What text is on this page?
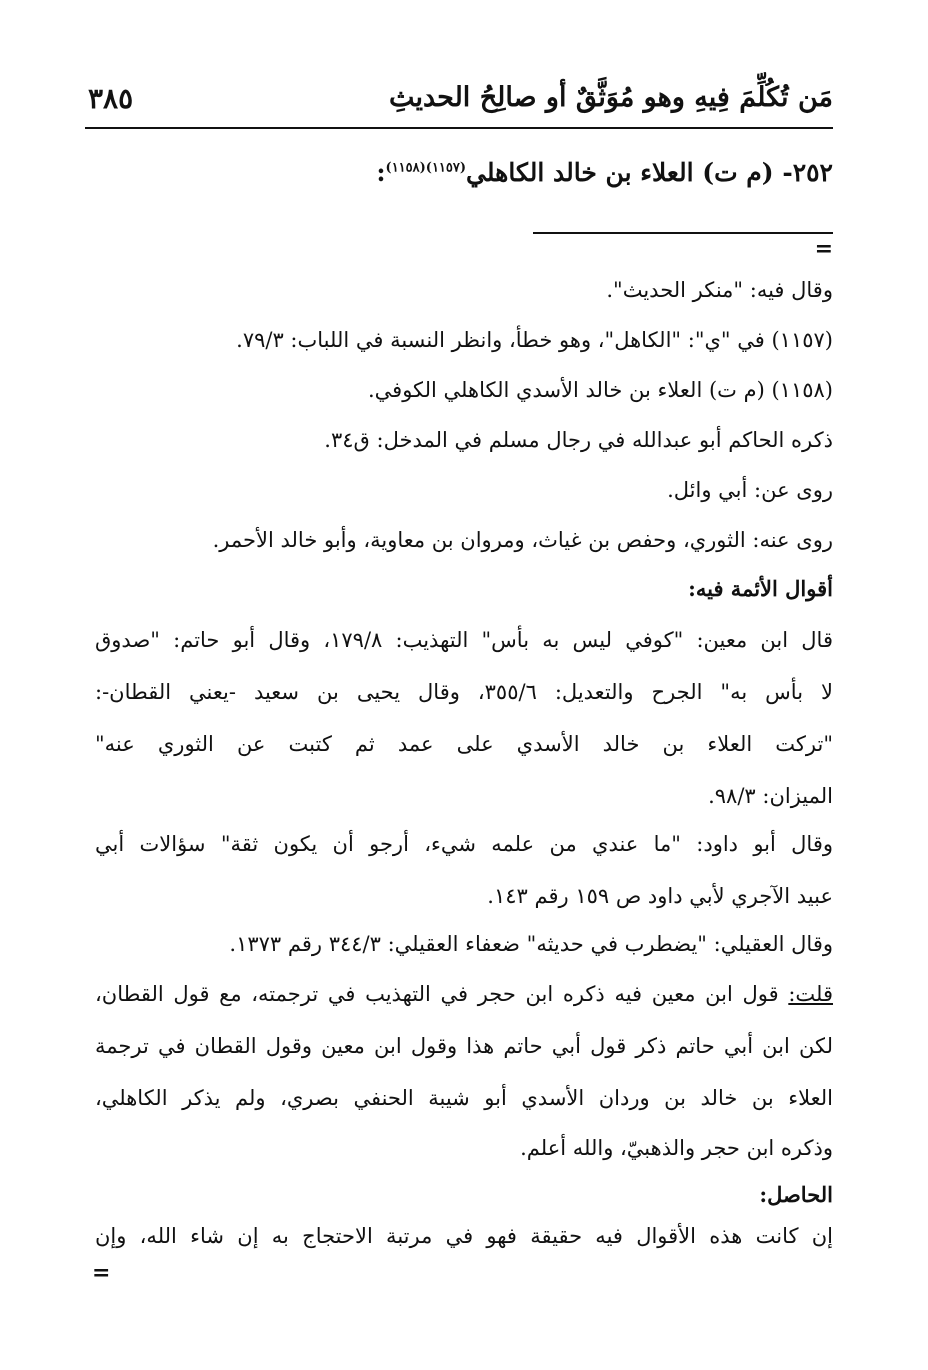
مَن تُكُلِّمَ فِيهِ وهو مُوَثَّقٌ أو صالِحُ الحديثِ
٣٨٥
٢٥٢- (م ت) العلاء بن خالد الكاهلي$^{(١١٥٧)(١١٥٨)}$:
=
وقال فيه: "منكر الحديث".
(١١٥٧) في "ي": "الكاهل"، وهو خطأ، وانظر النسبة في اللباب: ٧٩/٣.
(١١٥٨) (م ت) العلاء بن خالد الأسدي الكاهلي الكوفي.
ذكره الحاكم أبو عبدالله في رجال مسلم في المدخل: ق٣٤.
روى عن: أبي وائل.
روى عنه: الثوري، وحفص بن غياث، ومروان بن معاوية، وأبو خالد الأحمر.
أقوال الأئمة فيه:
قال ابن معين: "كوفي ليس به بأس" التهذيب: ١٧٩/٨، وقال أبو حاتم: "صدوق
لا بأس به" الجرح والتعديل: ٣٥٥/٦، وقال يحيى بن سعيد -يعني القطان-:
"تركت العلاء بن خالد الأسدي على عمد ثم كتبت عن الثوري عنه"
الميزان: ٩٨/٣.
وقال أبو داود: "ما عندي من علمه شيء، أرجو أن يكون ثقة" سؤالات أبي
عبيد الآجري لأبي داود ص ١٥٩ رقم ١٤٣.
وقال العقيلي: "يضطرب في حديثه" ضعفاء العقيلي: ٣٤٤/٣ رقم ١٣٧٣.
قلت: قول ابن معين فيه ذكره ابن حجر في التهذيب في ترجمته، مع قول القطان،
لكن ابن أبي حاتم ذكر قول أبي حاتم هذا وقول ابن معين وقول القطان في ترجمة
العلاء بن خالد بن وردان الأسدي أبو شيبة الحنفي بصري، ولم يذكر الكاهلي،
وذكره ابن حجر والذهبيّ، والله أعلم.
الحاصل:
إن كانت هذه الأقوال فيه حقيقة فهو في مرتبة الاحتجاج به إن شاء الله، وإن
=
